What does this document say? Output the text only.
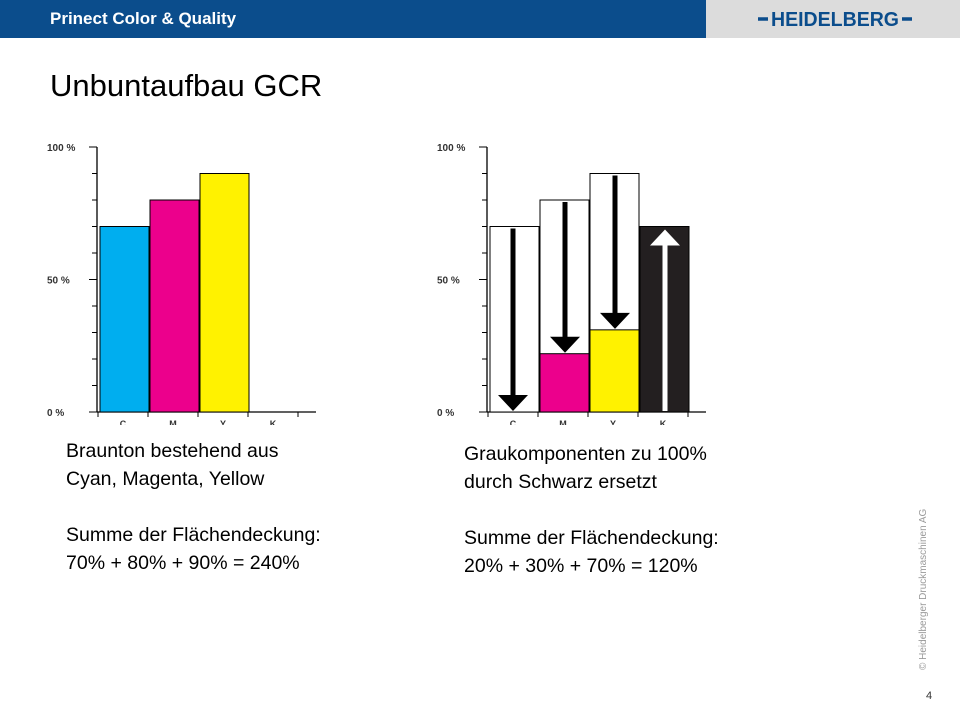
Prinect Color & Quality	HEIDELBERG
Unbuntaufbau GCR
100 %
50 %
0 %
C	M	Y	K
100 %
50 %
0 %
C	M	Y	K

Braunton bestehend aus

Cyan, Magenta, Yellow

Summe der Flächendeckung:

70% + 80% + 90% = 240%

Graukomponenten zu 100%

durch Schwarz ersetzt

Summe der Flächendeckung:

20% + 30% + 70% = 120%	© Heidelberger Druckmaschinen AG
4
